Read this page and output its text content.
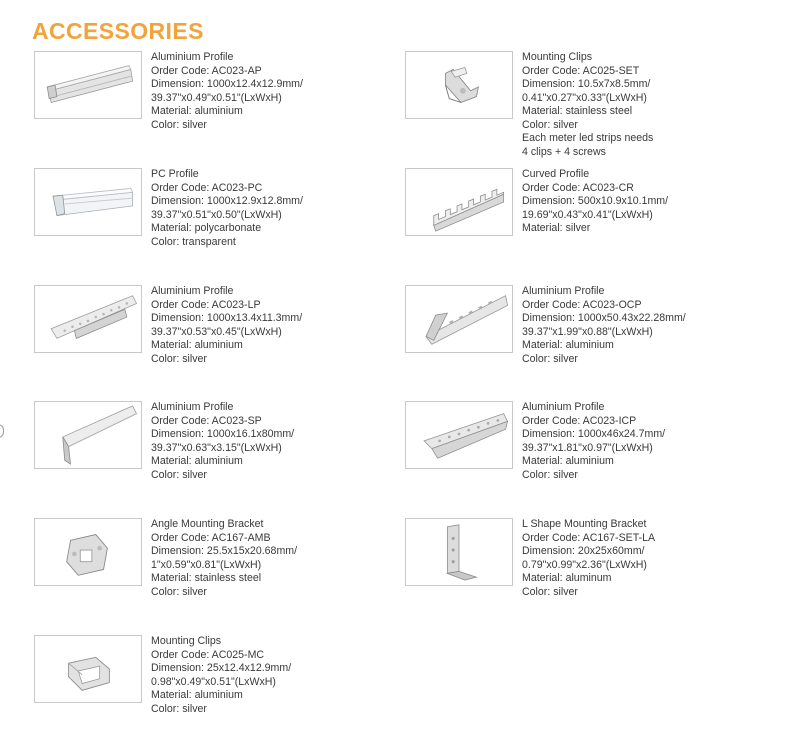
ACCESSORIES
Aluminium Profile
Order Code: AC023-AP
Dimension: 1000x12.4x12.9mm/
39.37"x0.49"x0.51"(LxWxH)
Material: aluminium
Color: silver
Mounting Clips
Order Code: AC025-SET
Dimension: 10.5x7x8.5mm/
0.41"x0.27"x0.33"(LxWxH)
Material: stainless steel
Color: silver
Each meter led strips needs
4 clips + 4 screws
PC Profile
Order Code: AC023-PC
Dimension: 1000x12.9x12.8mm/
39.37"x0.51"x0.50"(LxWxH)
Material: polycarbonate
Color: transparent
Curved Profile
Order Code: AC023-CR
Dimension: 500x10.9x10.1mm/
19.69"x0.43"x0.41"(LxWxH)
Material: silver
Aluminium Profile
Order Code: AC023-LP
Dimension: 1000x13.4x11.3mm/
39.37"x0.53"x0.45"(LxWxH)
Material: aluminium
Color: silver
Aluminium Profile
Order Code: AC023-OCP
Dimension: 1000x50.43x22.28mm/
39.37"x1.99"x0.88"(LxWxH)
Material: aluminium
Color: silver
Aluminium Profile
Order Code: AC023-SP
Dimension: 1000x16.1x80mm/
39.37"x0.63"x3.15"(LxWxH)
Material: aluminium
Color: silver
Aluminium Profile
Order Code: AC023-ICP
Dimension: 1000x46x24.7mm/
39.37"x1.81"x0.97"(LxWxH)
Material: aluminium
Color: silver
Angle Mounting Bracket
Order Code: AC167-AMB
Dimension: 25.5x15x20.68mm/
1"x0.59"x0.81"(LxWxH)
Material: stainless steel
Color: silver
L Shape Mounting Bracket
Order Code: AC167-SET-LA
Dimension: 20x25x60mm/
0.79"x0.99"x2.36"(LxWxH)
Material: aluminum
Color: silver
Mounting Clips
Order Code: AC025-MC
Dimension: 25x12.4x12.9mm/
0.98"x0.49"x0.51"(LxWxH)
Material: aluminium
Color: silver
